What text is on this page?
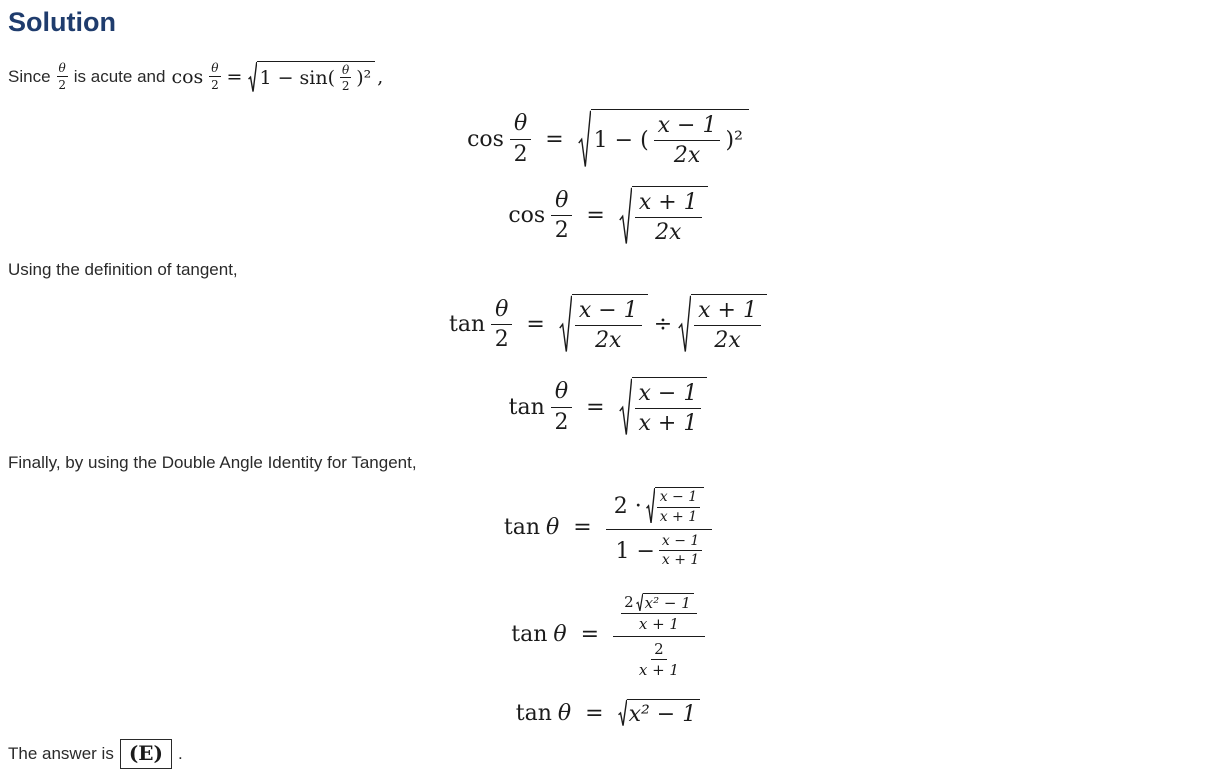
Solution

Since $\frac{\theta}{2}$ is acute and $\cos \frac{\theta}{2} = 1 - \sin( \frac{\theta}{2} )^2$ ,

$\cos \frac{\theta}{2} = 1$ − ( $\frac{x - 1}{2x} )^2$
$\cos \frac{\theta}{2} = \frac{x + 1}{2x}$

Using the definition of tangent,

$\tan \frac{\theta}{2} = \frac{x - 1}{2x} \div \frac{x + 1}{2x}$
$\tan \frac{\theta}{2} = \frac{x - 1}{x + 1}$

Finally, by using the Double Angle Identity for Tangent,

tan θ =
$2 \cdot \frac{x - 1}{x + 1}$
$1 - \frac{x - 1}{x + 1}$
tan θ =
2 x² − 1
x + 1
$\frac{2}{x + 1}$
tan θ = x² − 1

The answer is (E) .
